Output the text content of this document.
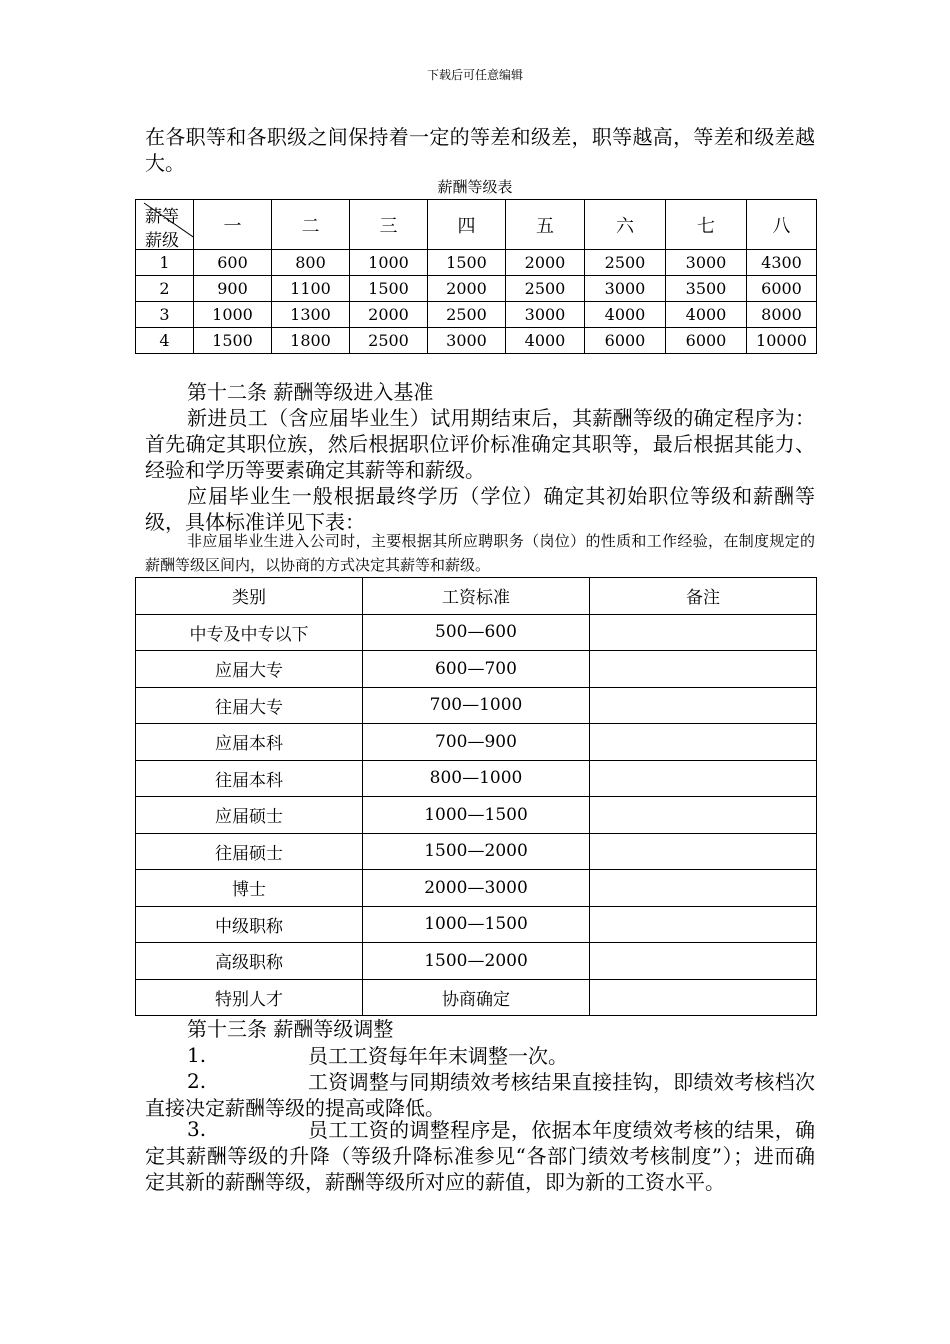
下载后可任意编辑

在各职等和各职级之间保持着一定的等差和级差，职等越高，等差和级差越大。

薪酬等级表
薪等
薪级	一	二	三	四	五	六	七	八
1	600	800	1000	1500	2000	2500	3000	4300
2	900	1100	1500	2000	2500	3000	3500	6000
3	1000	1300	2000	2500	3000	4000	4000	8000
4	1500	1800	2500	3000	4000	6000	6000	10000

第十二条 薪酬等级进入基准

新进员工（含应届毕业生）试用期结束后，其薪酬等级的确定程序为：首先确定其职位族，然后根据职位评价标准确定其职等，最后根据其能力、经验和学历等要素确定其薪等和薪级。

应届毕业生一般根据最终学历（学位）确定其初始职位等级和薪酬等级，具体标准详见下表：

非应届毕业生进入公司时，主要根据其所应聘职务（岗位）的性质和工作经验，在制度规定的薪酬等级区间内，以协商的方式决定其薪等和薪级。

类别	工资标准	备注
中专及中专以下	500—600	
应届大专	600—700	
往届大专	700—1000	
应届本科	700—900	
往届本科	800—1000	
应届硕士	1000—1500	
往届硕士	1500—2000	
博士	2000—3000	
中级职称	1000—1500	
高级职称	1500—2000	
特别人才	协商确定	

第十三条 薪酬等级调整

1.	员工工资每年年末调整一次。
2.	工资调整与同期绩效考核结果直接挂钩，即绩效考核档次直接决定薪酬等级的提高或降低。

3.	员工工资的调整程序是，依据本年度绩效考核的结果，确定其薪酬等级的升降（等级升降标准参见“各部门绩效考核制度”）；进而确定其新的薪酬等级，薪酬等级所对应的薪值，即为新的工资水平。
